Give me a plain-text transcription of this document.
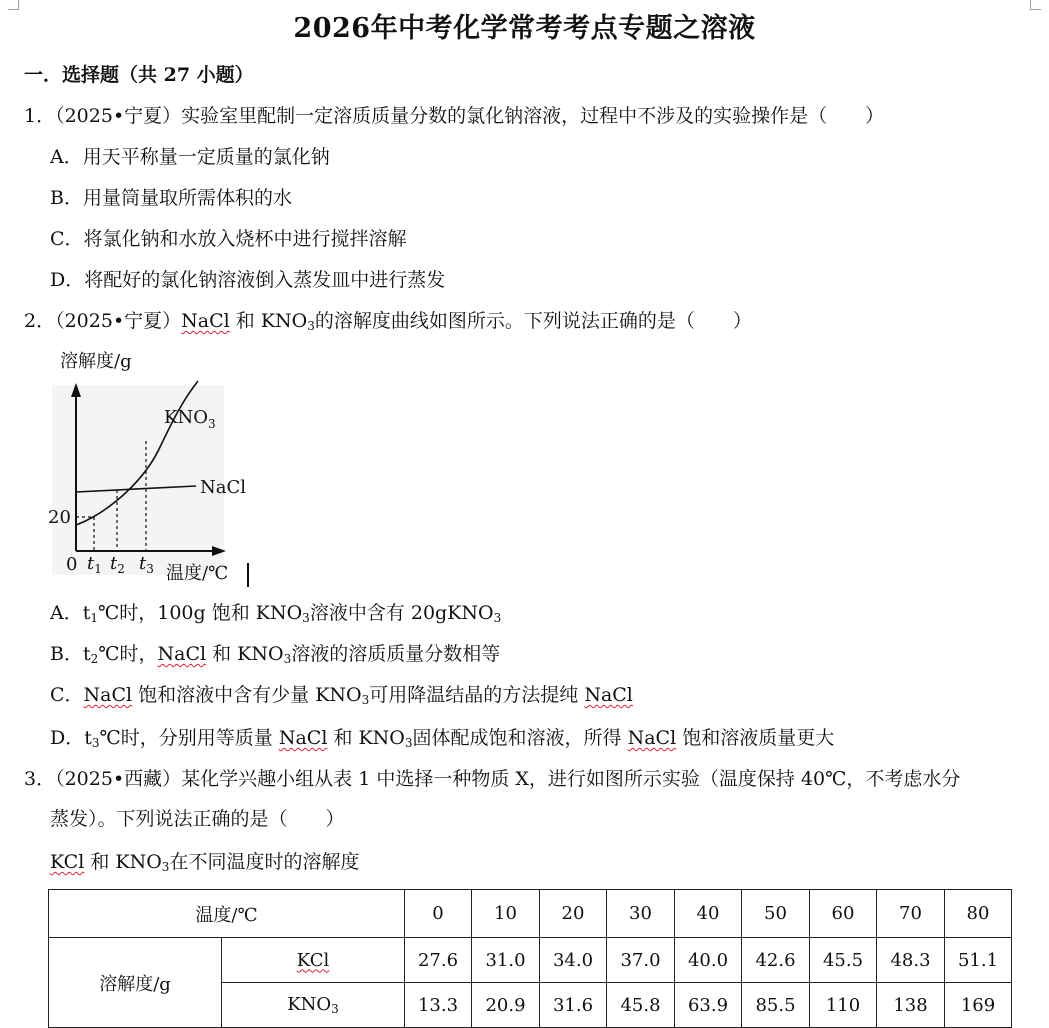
2026年中考化学常考考点专题之溶液
一．选择题（共 27 小题）
1．（2025•宁夏）实验室里配制一定溶质质量分数的氯化钠溶液，过程中不涉及的实验操作是（　　）
A．用天平称量一定质量的氯化钠
B．用量筒量取所需体积的水
C．将氯化钠和水放入烧杯中进行搅拌溶解
D．将配好的氯化钠溶液倒入蒸发皿中进行蒸发
2．（2025•宁夏）NaCl 和 $KNO_3$的溶解度曲线如图所示。下列说法正确的是（　　）
溶解度/g
温度/℃
0
20
$t_1$ $t_2$ $t_3$
NaCl
$KNO_3$
A．$t_1℃$时，100g 饱和 $KNO_3$溶液中含有 20gKNO$_3$
B．$t_2℃$时，NaCl 和 $KNO_3$溶液的溶质质量分数相等
C．NaCl 饱和溶液中含有少量 $KNO_3$可用降温结晶的方法提纯 NaCl
D．$t_3℃$时，分别用等质量 NaCl 和 $KNO_3$固体配成饱和溶液，所得 NaCl 饱和溶液质量更大
3．（2025•西藏）某化学兴趣小组从表 1 中选择一种物质 X，进行如图所示实验（温度保持 40℃，不考虑水分
蒸发）。下列说法正确的是（　　）
KCl 和 $KNO_3$在不同温度时的溶解度
温度/℃		0	10	20	30	40	50	60	70	80
溶解度/g	KCl	27.6	31.0	34.0	37.0	40.0	42.6	45.5	48.3	51.1
	$KNO_3$	13.3	20.9	31.6	45.8	63.9	85.5	110	138	169
